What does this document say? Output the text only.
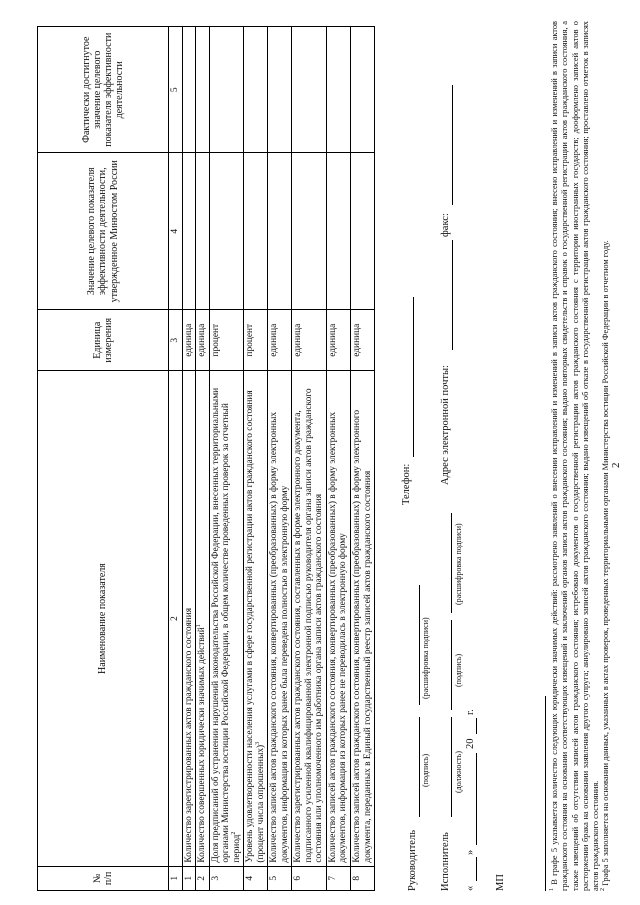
2
№ п/п	Наименование показателя	Единица измерения	Значение целевого показателя эффективности деятельности, утвержденное Минюстом России	Фактически достигнутое значение целевого показателя эффективности деятельности
1	2	3	4	5
1	Количество зарегистрированных актов гражданского состояния	единица		
2	Количество совершенных юридически значимых действий$^1$	единица		
3	Доля предписаний об устранении нарушений законодательства Российской Федерации, внесенных территориальными органами Министерства юстиции Российской Федерации, в общем количестве проведенных проверок за отчетный период$^2$	процент		
4	Уровень удовлетворенности населения услугами в сфере государственной регистрации актов гражданского состояния (процент числа опрошенных)$^3$	процент		
5	Количество записей актов гражданского состояния, конвертированных (преобразованных) в форму электронных документов, информация из которых ранее была переведена полностью в электронную форму	единица		
6	Количество зарегистрированных актов гражданского состояния, составленных в форме электронного документа, подписанного усиленной квалифицированной электронной подписью руководителя органа записи актов гражданского состояния или уполномоченного им работника органа записи актов гражданского состояния	единица		
7	Количество записей актов гражданского состояния, конвертированных (преобразованных) в форму электронных документов, информация из которых ранее не переводилась в электронную форму	единица		
8	Количество записей актов гражданского состояния, конвертированных (преобразованных) в форму электронного документа, переданных в Единый государственный реестр записей актов гражданского состояния	единица		
Руководитель
(подпись)
(расшифровка подписи)
Телефон:
Исполнитель
(должность)
(подпись)
(расшифровка подписи)
Адрес электронной почты:
факс:
«
»
20
г.
МП	$^1$ В графе 5 указывается количество следующих юридически значимых действий: рассмотрено заявлений о внесении исправлений и изменений в записи актов гражданского состояния; внесено исправлений и изменений в записи актов гражданского состояния на основании соответствующих извещений и заключений органов записи актов гражданского состояния; выдано повторных свидетельств и справок о государственной регистрации актов гражданского состояния, а также извещений об отсутствии записей актов гражданского состояния; истребовано документов о государственной регистрации актов гражданского состояния с территории иностранных государств; дооформлено записей актов о расторжении брака на основании заявления другого супруга; аннулировано записей актов гражданского состояния; выдано извещений об отказе в государственной регистрации актов гражданского состояния; проставлено отметок в записях актов гражданского состояния. $^2$ Графа 5 заполняется на основании данных, указанных в актах проверок, проведенных территориальными органами Министерства юстиции Российской Федерации в отчетном году.
